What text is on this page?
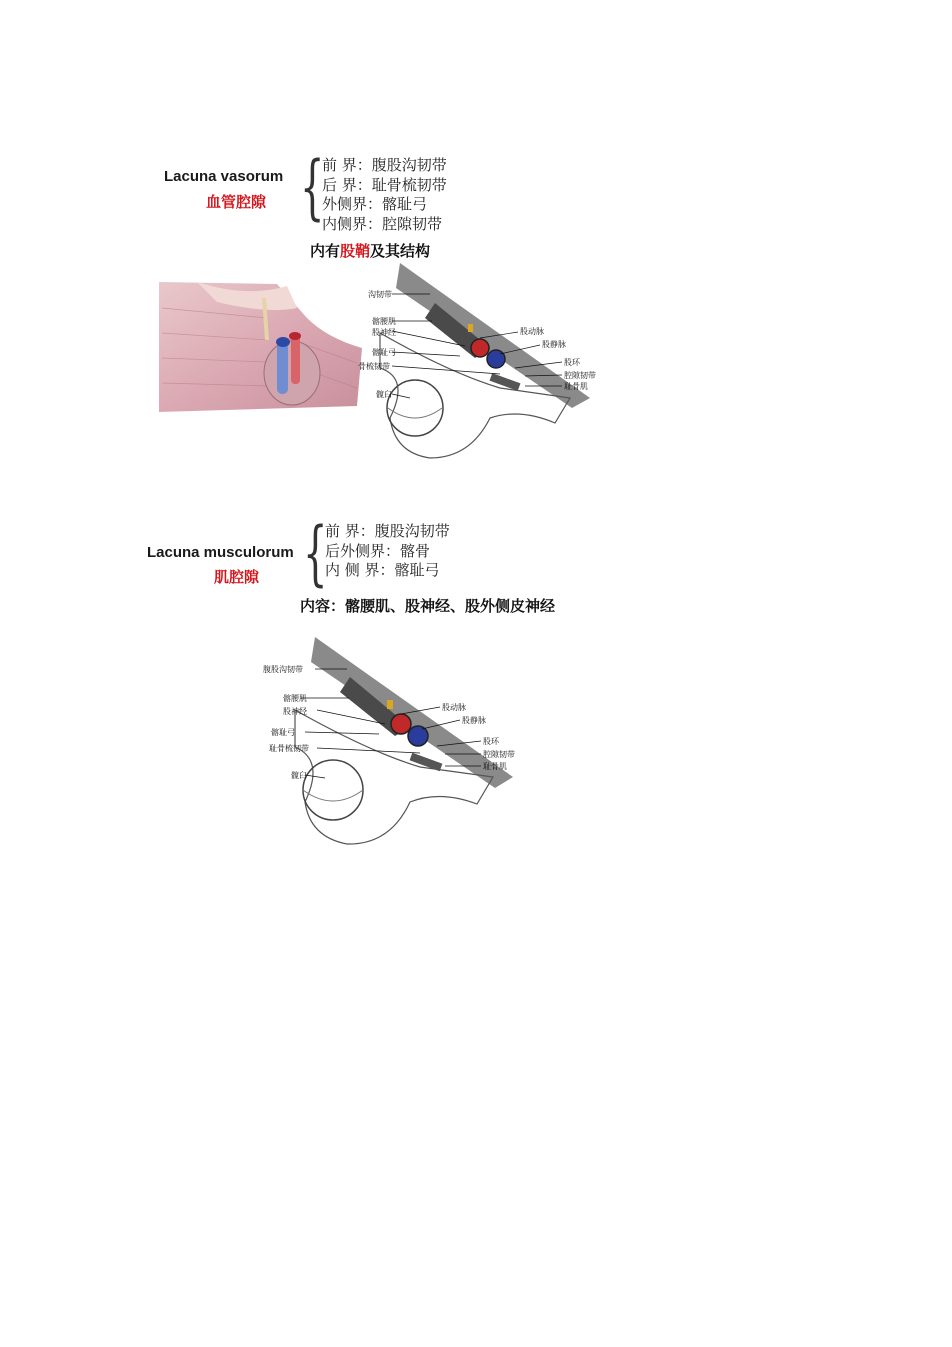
Lacuna vasorum
血管腔隙 {
前 界：腹股沟韧带
后 界：耻骨梳韧带
外侧界：髂耻弓
内侧界：腔隙韧带
内有股鞘及其结构
沟韧带
髂腰肌
股神经
髂耻弓
骨梳韧带
髋臼
股动脉
股静脉
股环
腔隙韧带
耻骨肌
Lacuna musculorum
肌腔隙 {
前 界：腹股沟韧带
后外侧界：髂骨
内 侧 界：髂耻弓
内容：髂腰肌、股神经、股外侧皮神经
腹股沟韧带
髂腰肌
股神经
髂耻弓
耻骨梳韧带
髋臼
股动脉
股静脉
股环
腔隙韧带
耻骨肌
